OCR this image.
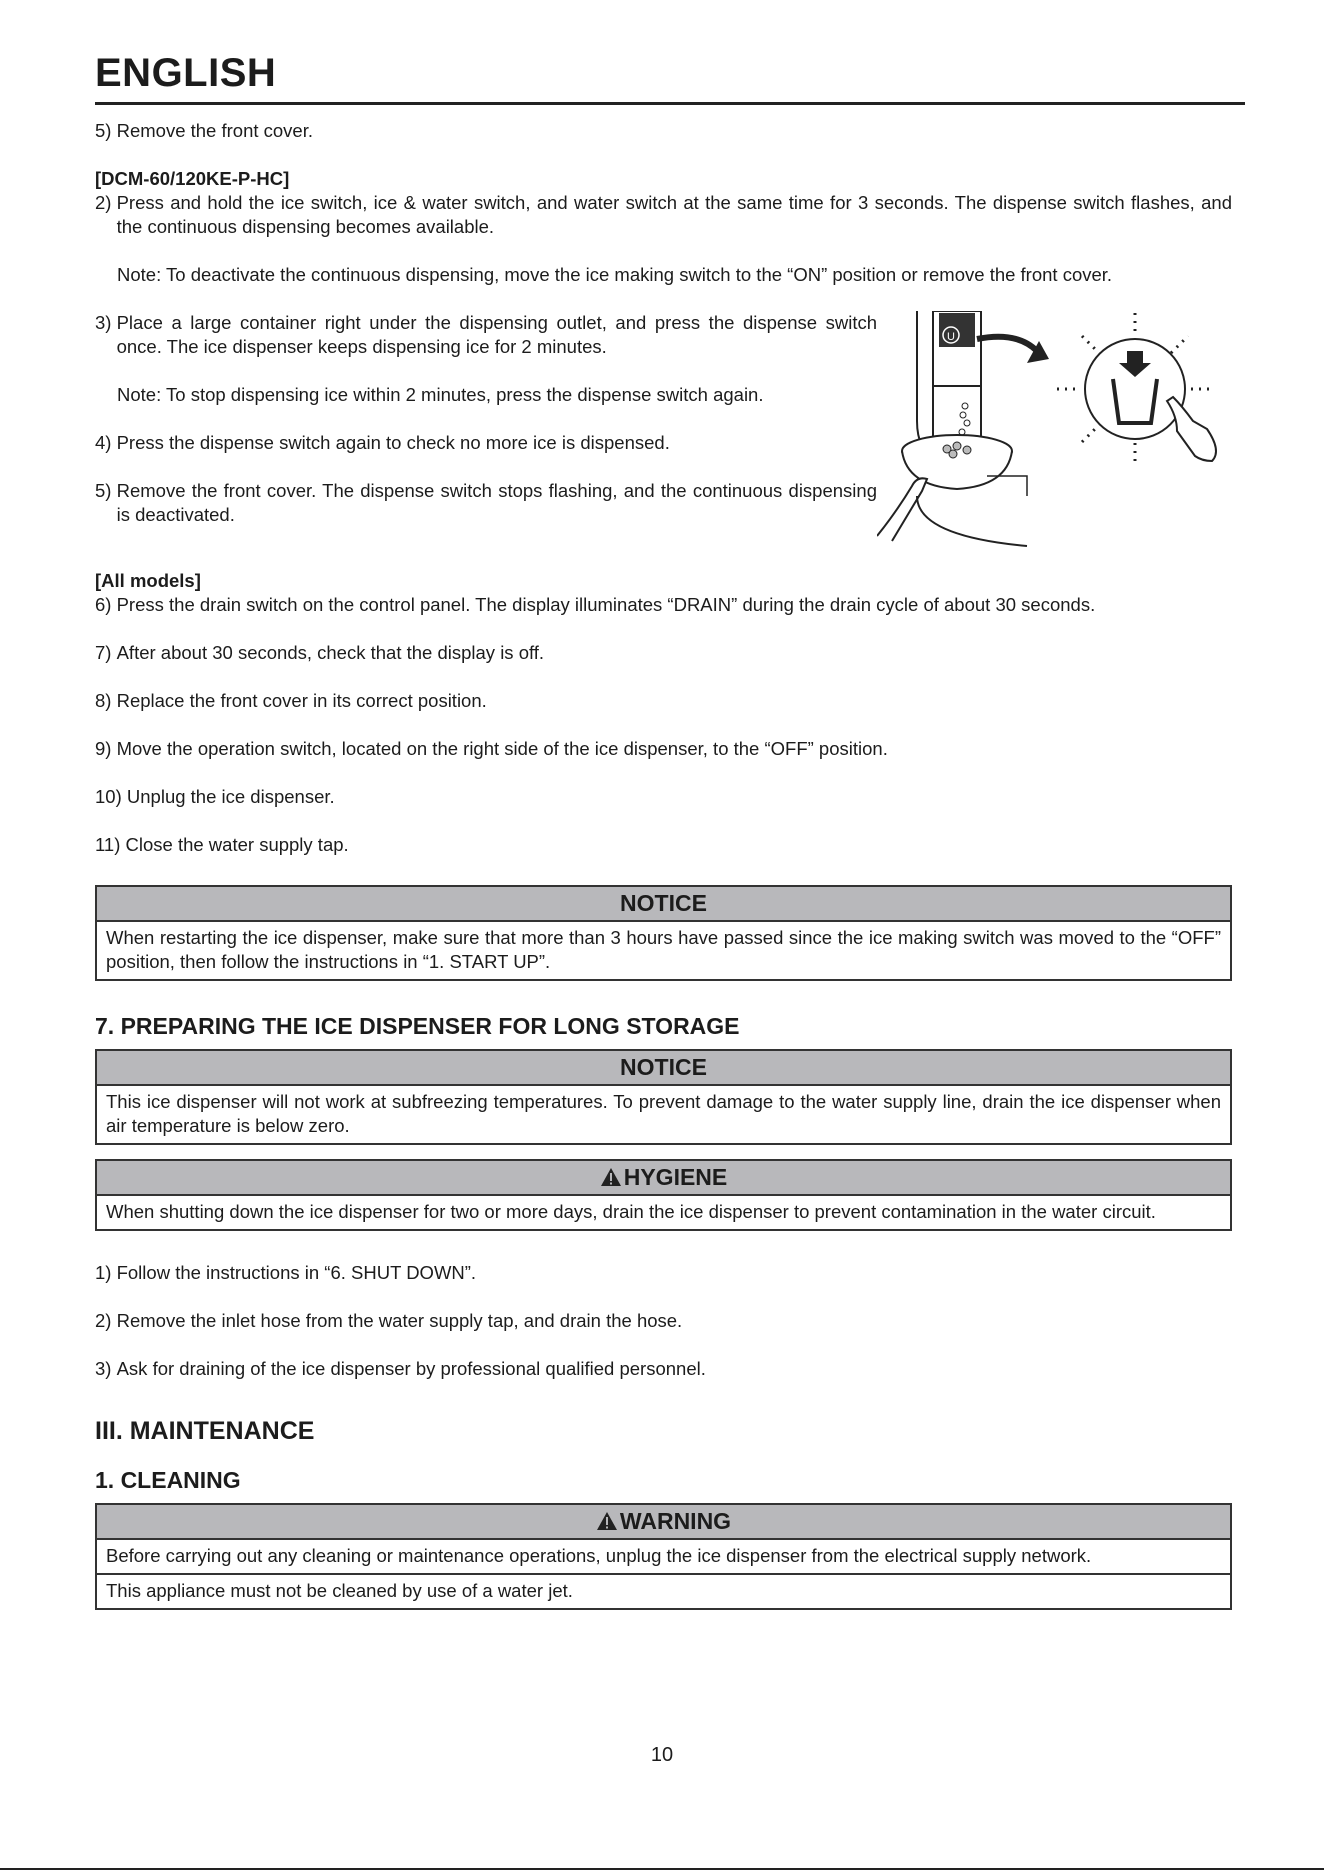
ENGLISH
5) Remove the front cover.
[DCM-60/120KE-P-HC]
2) Press and hold the ice switch, ice & water switch, and water switch at the same time for 3 seconds. The dispense switch flashes, and the continuous dispensing becomes available.
Note: To deactivate the continuous dispensing, move the ice making switch to the “ON” position or remove the front cover.
3) Place a large container right under the dispensing outlet, and press the dispense switch once. The ice dispenser keeps dispensing ice for 2 minutes.
Note: To stop dispensing ice within 2 minutes, press the dispense switch again.
4) Press the dispense switch again to check no more ice is dispensed.
5) Remove the front cover. The dispense switch stops flashing, and the continuous dispensing is deactivated.
U
[All models]
6) Press the drain switch on the control panel. The display illuminates “DRAIN” during the drain cycle of about 30 seconds.
7) After about 30 seconds, check that the display is off.
8) Replace the front cover in its correct position.
9) Move the operation switch, located on the right side of the ice dispenser, to the “OFF” position.
10) Unplug the ice dispenser.
11) Close the water supply tap.
NOTICE
When restarting the ice dispenser, make sure that more than 3 hours have passed since the ice making switch was moved to the “OFF” position, then follow the instructions in “1. START UP”.
7. PREPARING THE ICE DISPENSER FOR LONG STORAGE
NOTICE
This ice dispenser will not work at subfreezing temperatures. To prevent damage to the water supply line, drain the ice dispenser when air temperature is below zero.
HYGIENE
When shutting down the ice dispenser for two or more days, drain the ice dispenser to prevent contamination in the water circuit.
1) Follow the instructions in “6. SHUT DOWN”.
2) Remove the inlet hose from the water supply tap, and drain the hose.
3) Ask for draining of the ice dispenser by professional qualified personnel.
III. MAINTENANCE
1. CLEANING
WARNING
Before carrying out any cleaning or maintenance operations, unplug the ice dispenser from the electrical supply network.
This appliance must not be cleaned by use of a water jet.
10
